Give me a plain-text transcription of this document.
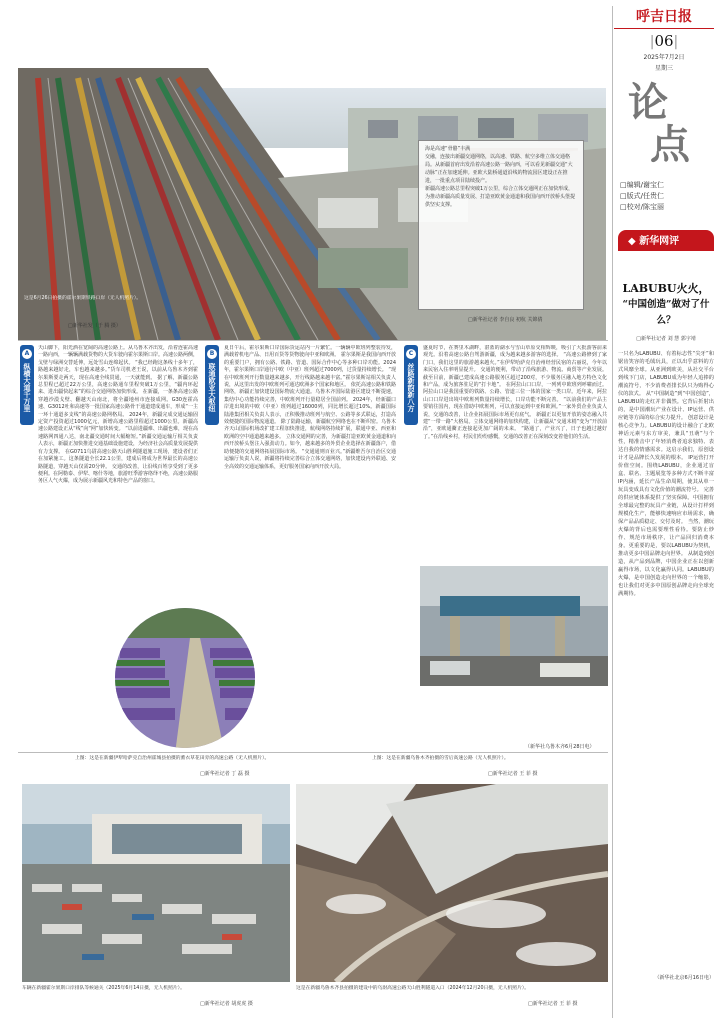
呼吉日报
|06|
2025年7月2日
星期三
论
点
□编辑/谢宝仁
□版式/任贵仁
□校对/陈宝丽
◆ 新华网评
LABUBU火火，
“中国创造”做对了什么？
□新华社记者 刘 慧 郭宇靖
一只名为LABUBU、有着标志性“尖牙”和锯齿笑容的毛绒玩具，正以出乎意料的方式风靡全球。从亚洲到欧美，从社交平台到线下门店，LABUBU成为年轻人追捧的潮流符号，不少消费者排长队只为购得心仪的款式。 从“中国制造”到“中国创造”，LABUBU的走红并非偶然。它背后折射出的，是中国潮玩产业在设计、IP运营、供应链等方面的综合实力提升。 创意设计是核心竞争力。LABUBU的设计融合了北欧神话元素与东方审美，兼具“丑萌”与个性，精准击中了年轻消费者追求独特、表达自我的情感需求。这启示我们，原创设计才是品牌长久发展的根本。 IP运营打开价值空间。围绕LABUBU，企业通过盲盒、联名、主题展览等多种方式不断丰富IP内涵，延长产品生命周期，使其从单一玩具变成具有文化价值的潮流符号。 完善的供应链体系提供了坚实保障。中国拥有全球最完整的玩具产业链，从设计打样到规模化生产，能够快速响应市场需求，确保产品品质稳定、交付及时。 当然，潮玩火爆的背后也需要理性看待。要防止炒作、规范市场秩序，让产品回归消费本身。更重要的是，要以LABUBU为契机，推动更多中国品牌走向世界。 从制造到创造，从产品到品牌，中国企业正在以创新赢得市场，以文化赢得认同。LABUBU的火爆，是中国创造走向世界的一个缩影，也让我们对更多中国原创品牌走向全球充满期待。
（新华社北京6月16日电）
这是6月26日拍摄的霍尔果斯铁路口岸（无人机照片）。
□新华社发（于 腾 摄）
海是高速“骨骼”丰满
交融，连接出新疆交通网络，以高速、铁路、航空多维立体交通格局。从新疆首府出发沿着高速公路一路向西，可以看见新疆交通“大动脉”正在加速延伸。亚欧大陆桥通道沿线的物流园区建设正在推进，一批重点项目陆续投产。
新疆高速公路总里程突破1万公里，综合立体交通网正在加快形成，为推动新疆高质量发展、打造亚欧黄金通道和我国向西开放桥头堡提供坚实支撑。
□新华社记者 李自良 初杭 关锦倩
A
纵横大道千万里
B
联通欧亚大枢纽
C
丝路新韵新八方
天山脚下，阳光洒在宽阔的高速公路上。从乌鲁木齐出发，沿着连霍高速一路向西，一辆辆满载货物的大货车驶向霍尔果斯口岸。高速公路两侧，戈壁与绿洲交替延伸，远处雪山连绵起伏。 “我已经跑这条线十多年了，路越来越好走，车也越来越多。”货车司机老王说，以前从乌鲁木齐到霍尔果斯要走两天，现在高速全线贯通，一天就能到。 据了解，新疆公路总里程已超过22万公里，高速公路通车里程突破1万公里，“疆内环起来、进出疆快起来”的综合交通网络加快形成。 在新疆，一条条高速公路穿越沙漠戈壁、翻越天山南北，将全疆地州市连接成网。G30连霍高速、G3012吐和高速等一批国家高速公路骨干通道建成通车，形成“一主一环十通道多支线”的高速公路网格局。 2024年，新疆完成交通运输固定资产投资超过1000亿元，新增高速公路里程超过1000公里。新疆高速公路建设正从“线”向“网”加快转变。 “以前进疆难、出疆也难，现在高速路网四通八达，南北疆交通时间大幅缩短。”新疆交通运输厅相关负责人表示，新疆正加快推进交通基础设施建设，为经济社会高质量发展提供有力支撑。 在G0711乌尉高速公路天山胜利隧道施工现场，建设者们正在加紧施工。这条隧道全长22.1公里，建成后将成为世界最长的高速公路隧道，穿越天山仅需20分钟。 交通的改善，让沿线百姓享受到了更多便利。在阿勒泰、伊犁、喀什等地，旅游旺季游客络绎不绝，高速公路服务区人气火爆，成为展示新疆风光和特色产品的窗口。
夏日午后，霍尔果斯口岸国际货运站内一片繁忙。一辆辆中欧班列整装待发，满载着机电产品、日用百货等货物驶向中亚和欧洲。 霍尔果斯是我国向西开放的重要门户，拥有公路、铁路、管道、国际合作中心等多种口岸功能。2024年，霍尔果斯口岸通行中欧（中亚）班列超过7000列，过货量持续增长。 “现在中欧班列开行数量越来越多，开行线路越来越丰富。”霍尔果斯站相关负责人说，从这里出发的中欧班列可通达欧洲多个国家和地区。 依托高速公路和铁路网络，新疆正加快建设国际物流大通道。乌鲁木齐国际陆港区建设不断提速，集结中心功能持续完善，中欧班列开行量稳居全国前列。 2024年，经新疆口岸进出境的中欧（中亚）班列超过16000列，同比增长超过10%。新疆国际陆港集团相关负责人表示，正积极推动班列与航空、公路等多式联运，打造高效便捷的国际物流通道。 除了陆路运输，新疆航空网络也在不断织密。乌鲁木齐天山国际机场改扩建工程加快推进，航线网络持续扩展，联通中亚、西亚和欧洲的空中通道越来越多。 立体交通网的完善，为新疆打造亚欧黄金通道和向西开放桥头堡注入强劲动力。如今，越来越多的外贸企业选择在新疆落户，借助便捷的交通网络拓展国际市场。 “交通通则百业兴。”新疆维吾尔自治区交通运输厅负责人说，新疆将持续完善综合立体交通网络，加快建设内外联通、安全高效的交通运输体系，更好服务国家向西开放大局。
盛夏时节，在赛里木湖畔，湛蓝的湖水与雪山草原交相辉映，吸引了大批游客前来观光。沿着高速公路自驾游新疆，成为越来越多游客的选择。 “高速公路修到了家门口，我们这里的旅游越来越火。”在伊犁哈萨克自治州经营民宿的古丽说，今年以来民宿入住率明显提升。 交通的便利，带动了沿线旅游、物流、商贸等产业发展。截至目前，新疆已建成高速公路服务区超过200对，不少服务区融入地方特色文化和产品，成为旅客驻足的“打卡地”。 在阿拉山口口岸，一列列中欧班列呼啸而过。阿拉山口是我国重要的铁路、公路、管道三位一体的国家一类口岸。近年来，阿拉山口口岸进出境中欧班列数量持续增长，口岸功能不断完善。 “以前我们的产品主要销往国内，现在借助中欧班列，可以直接运到中亚和欧洲。”一家外贸企业负责人说，交通的改善，让企业拓展国际市场更有底气。 新疆正以更加开放的姿态融入共建“一带一路”大格局。立体交通网络的加快构建，让新疆从“交通末梢”变为“开放前沿”，亚欧通衢正连接起更加广阔的未来。 “路通了，产业兴了，日子也越过越好了。”在沿线乡村，村民们纷纷感慨，交通的改善正在深刻改变着他们的生活。
（新华社乌鲁木齐6月28日电）
上图：这是在新疆伊犁哈萨克自治州霍城县拍摄的薰衣草花田旁的高速公路（无人机照片）。
□新华社记者 丁 磊 摄
上图：这是在新疆乌鲁木齐拍摄的雪后高速公路（无人机照片）。
□新华社记者 王 菲 摄
车辆在新疆霍尔果斯口岸排队等候通关（2025年6月14日摄，无人机照片）。
□新华社记者 胡虎虎 摄
这是在新疆乌鲁木齐县拍摄的建设中的乌尉高速公路天山胜利隧道入口（2024年12月20日摄，无人机照片）。
□新华社记者 王 菲 摄
